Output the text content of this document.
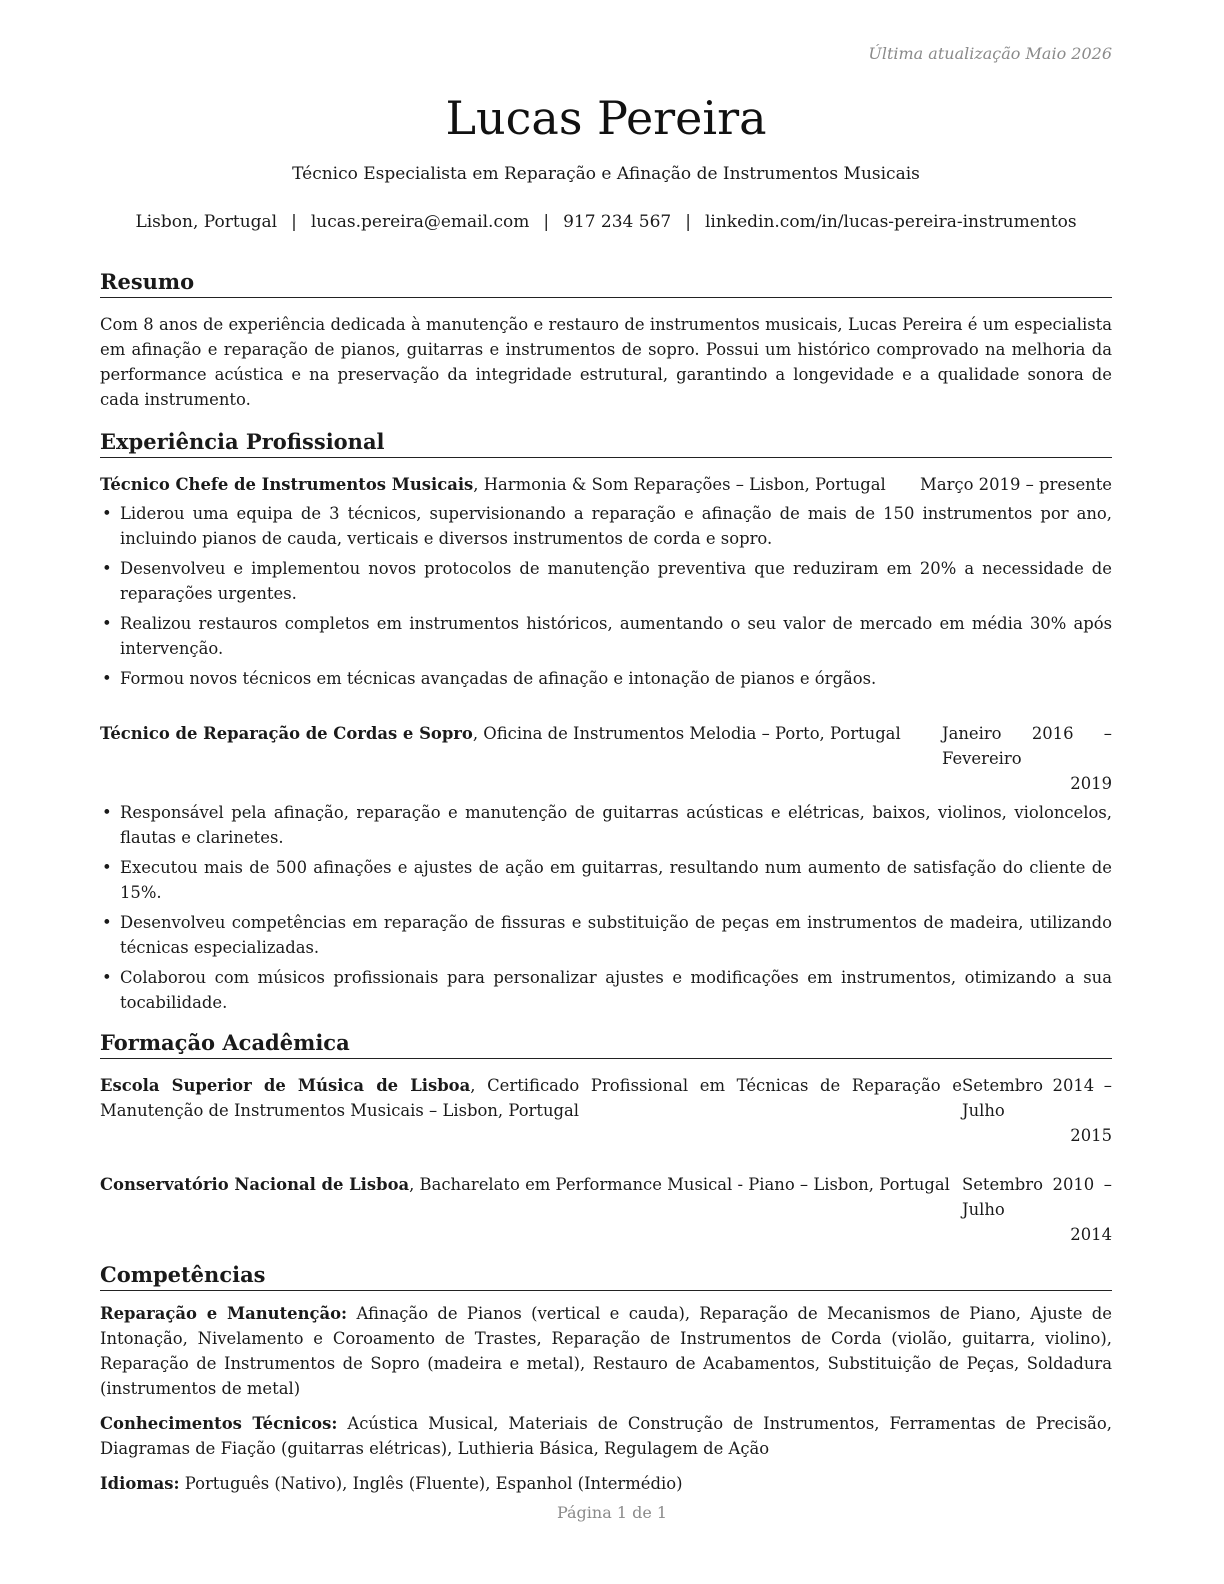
Última atualização Maio 2026
Lucas Pereira
Técnico Especialista em Reparação e Afinação de Instrumentos Musicais
Lisbon, Portugal | lucas.pereira@email.com | 917 234 567 | linkedin.com/in/lucas-pereira-instrumentos
Resumo
Com 8 anos de experiência dedicada à manutenção e restauro de instrumentos musicais, Lucas Pereira é um especialista em afinação e reparação de pianos, guitarras e instrumentos de sopro. Possui um histórico comprovado na melhoria da performance acústica e na preservação da integridade estrutural, garantindo a longevidade e a qualidade sonora de cada instrumento.
Experiência Profissional
Técnico Chefe de Instrumentos Musicais, Harmonia & Som Reparações – Lisbon, Portugal	Março 2019 – presente
• Liderou uma equipa de 3 técnicos, supervisionando a reparação e afinação de mais de 150 instrumentos por ano, incluindo pianos de cauda, verticais e diversos instrumentos de corda e sopro.
• Desenvolveu e implementou novos protocolos de manutenção preventiva que reduziram em 20% a necessidade de reparações urgentes.
• Realizou restauros completos em instrumentos históricos, aumentando o seu valor de mercado em média 30% após intervenção.
• Formou novos técnicos em técnicas avançadas de afinação e intonação de pianos e órgãos.
Técnico de Reparação de Cordas e Sopro, Oficina de Instrumentos Melodia – Porto, Portugal	Janeiro 2016 – Fevereiro
2019
• Responsável pela afinação, reparação e manutenção de guitarras acústicas e elétricas, baixos, violinos, violoncelos, flautas e clarinetes.
• Executou mais de 500 afinações e ajustes de ação em guitarras, resultando num aumento de satisfação do cliente de 15%.
• Desenvolveu competências em reparação de fissuras e substituição de peças em instrumentos de madeira, utilizando técnicas especializadas.
• Colaborou com músicos profissionais para personalizar ajustes e modificações em instrumentos, otimizando a sua tocabilidade.
Formação Acadêmica
Escola Superior de Música de Lisboa, Certificado Profissional em Técnicas de Reparação e Manutenção de Instrumentos Musicais – Lisbon, Portugal
Setembro 2014 – Julho
2015
Conservatório Nacional de Lisboa, Bacharelato em Performance Musical - Piano – Lisbon, Portugal Setembro 2010 – Julho
2014
Competências
Reparação e Manutenção: Afinação de Pianos (vertical e cauda), Reparação de Mecanismos de Piano, Ajuste de Intonação, Nivelamento e Coroamento de Trastes, Reparação de Instrumentos de Corda (violão, guitarra, violino), Reparação de Instrumentos de Sopro (madeira e metal), Restauro de Acabamentos, Substituição de Peças, Soldadura (instrumentos de metal)
Conhecimentos Técnicos: Acústica Musical, Materiais de Construção de Instrumentos, Ferramentas de Precisão, Diagramas de Fiação (guitarras elétricas), Luthieria Básica, Regulagem de Ação
Idiomas: Português (Nativo), Inglês (Fluente), Espanhol (Intermédio)
Página 1 de 1
